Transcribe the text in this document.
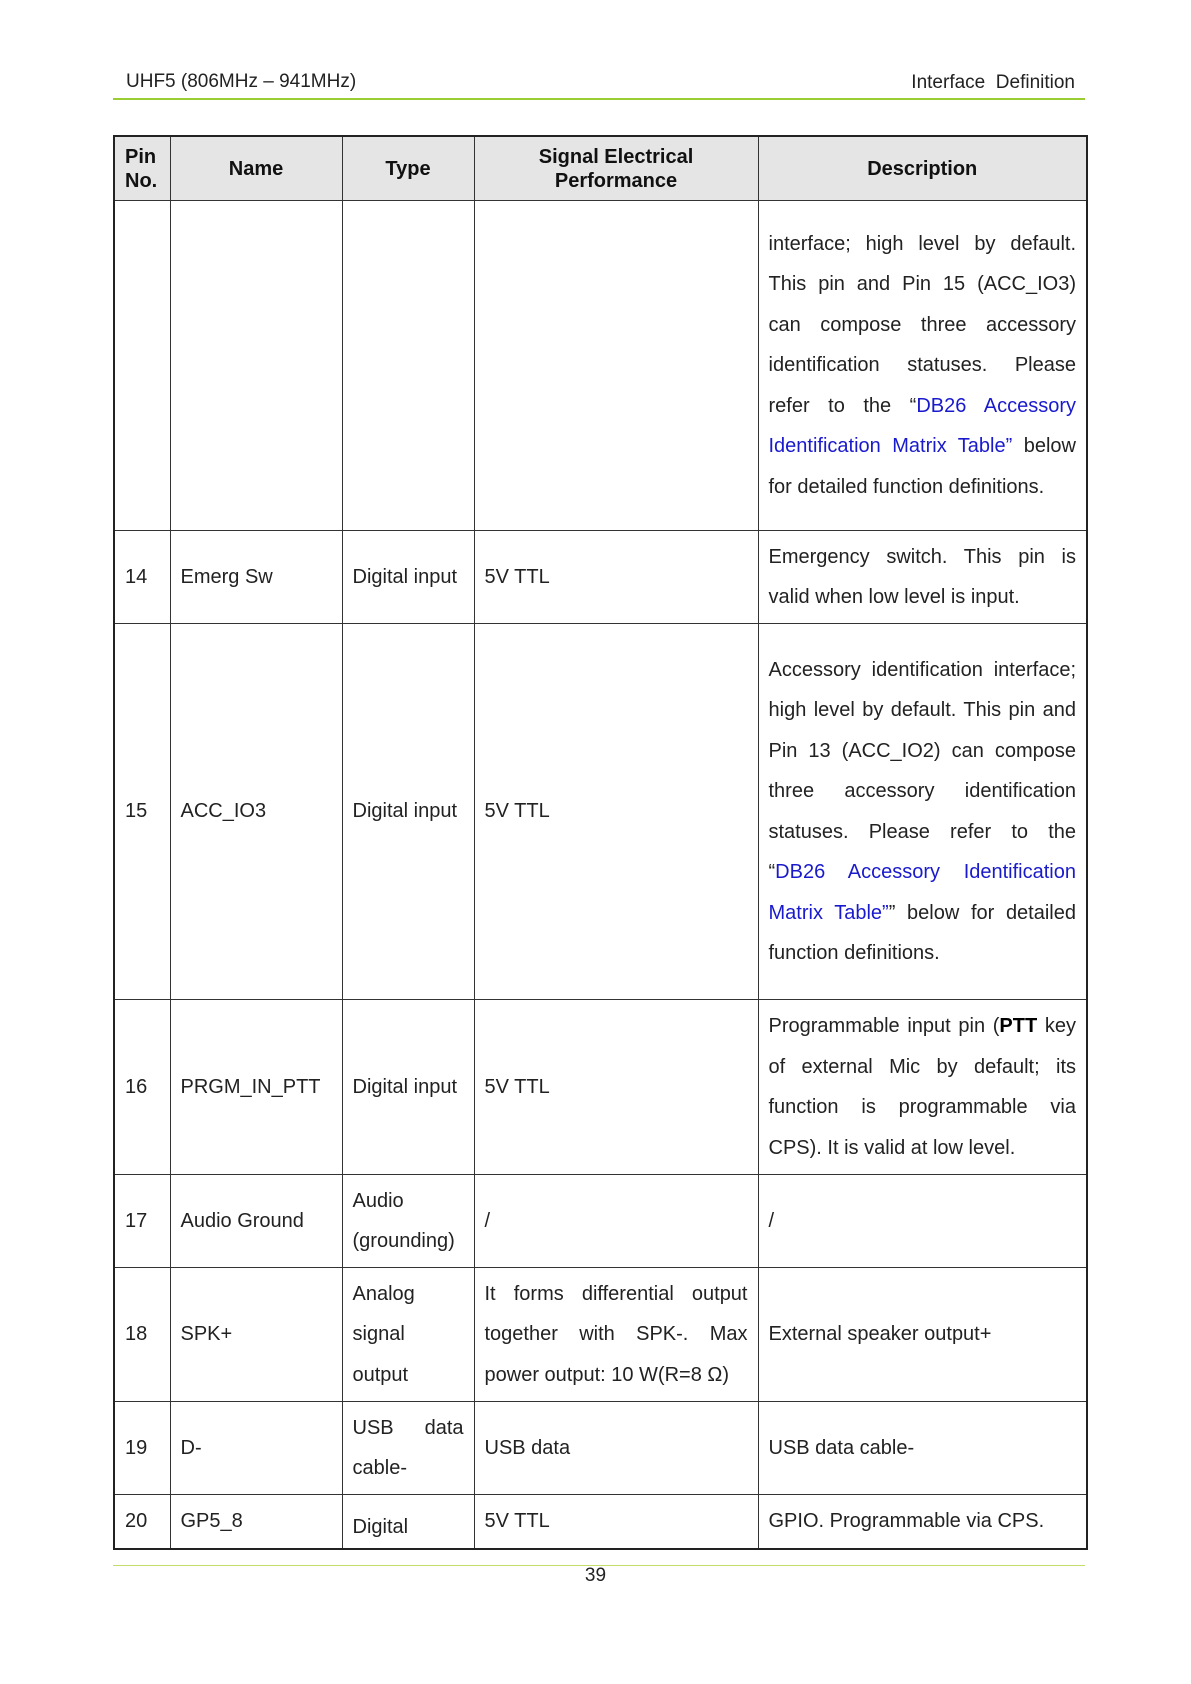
UHF5 (806MHz – 941MHz)	Interface  Definition
Pin No.	Name	Type	Signal Electrical Performance	Description
				interface; high level by default. This pin and Pin 15 (ACC_IO3) can compose three accessory identification statuses. Please refer to the “DB26 Accessory Identification Matrix Table” below for detailed function definitions.
14	Emerg Sw	Digital input	5V TTL	Emergency switch. This pin is valid when low level is input.
15	ACC_IO3	Digital input	5V TTL	Accessory identification interface; high level by default. This pin and Pin 13 (ACC_IO2) can compose three accessory identification statuses. Please refer to the “DB26 Accessory Identification Matrix Table”” below for detailed function definitions.
16	PRGM_IN_PTT	Digital input	5V TTL	Programmable input pin (PTT key of external Mic by default; its function is programmable via CPS). It is valid at low level.
17	Audio Ground	Audio (grounding)	/	/
18	SPK+	Analog signal output	It forms differential output together with SPK-. Max power output: 10 W(R=8 Ω)	External speaker output+
19	D-	USB data cable-	USB data	USB data cable-
20	GP5_8	Digital	5V TTL	GPIO. Programmable via CPS.
39
